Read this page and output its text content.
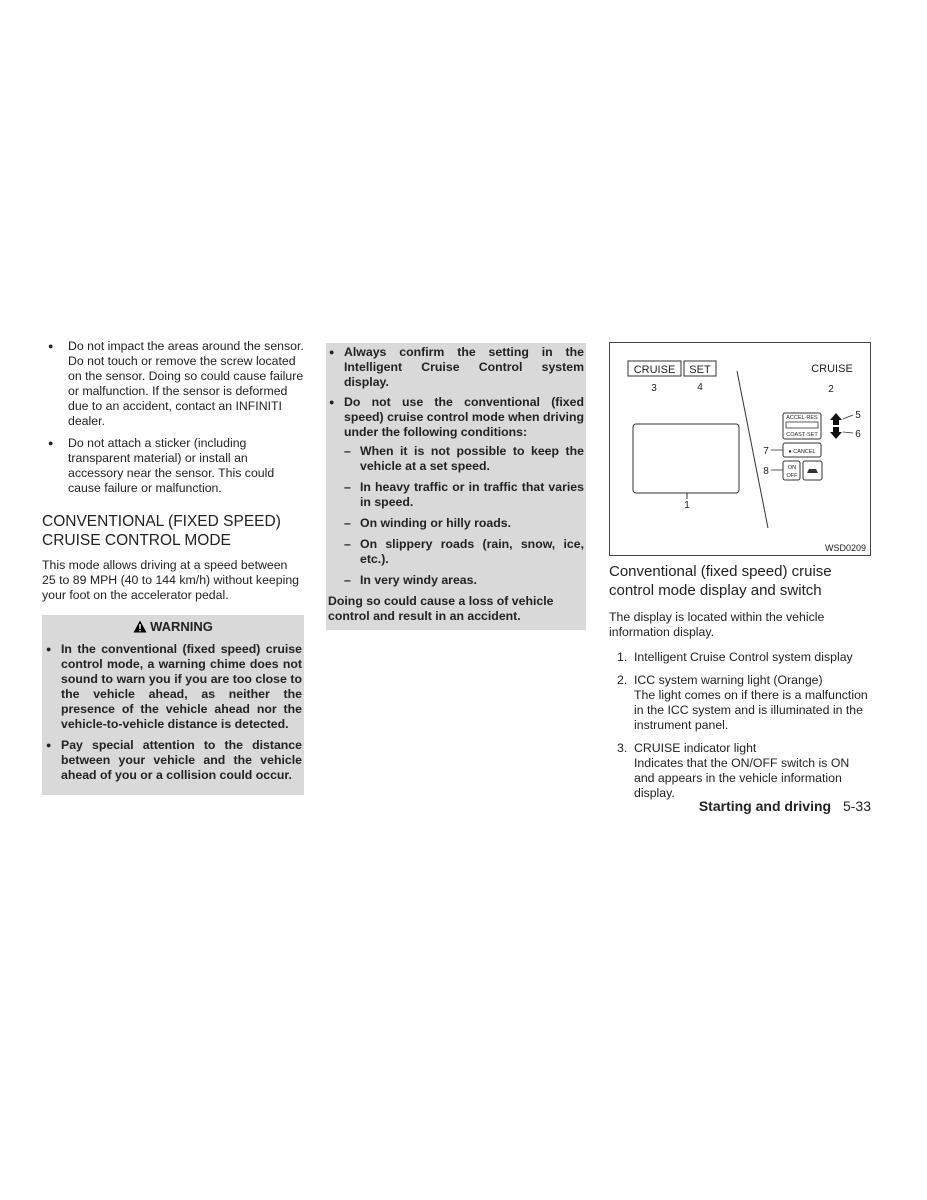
● Do not impact the areas around the sensor. Do not touch or remove the screw located on the sensor. Doing so could cause failure or malfunction. If the sensor is deformed due to an accident, contact an INFINITI dealer.
● Do not attach a sticker (including transparent material) or install an accessory near the sensor. This could cause failure or malfunction.
CONVENTIONAL (FIXED SPEED) CRUISE CONTROL MODE

This mode allows driving at a speed between 25 to 89 MPH (40 to 144 km/h) without keeping your foot on the accelerator pedal.

WARNING
● In the conventional (fixed speed) cruise control mode, a warning chime does not sound to warn you if you are too close to the vehicle ahead, as neither the presence of the vehicle ahead nor the vehicle-to-vehicle distance is detected.
● Pay special attention to the distance between your vehicle and the vehicle ahead of you or a collision could occur.
● Always confirm the setting in the Intelligent Cruise Control system display.
● Do not use the conventional (fixed speed) cruise control mode when driving under the following conditions:
– When it is not possible to keep the vehicle at a set speed.
– In heavy traffic or in traffic that varies in speed.
– On winding or hilly roads.
– On slippery roads (rain, snow, ice, etc.).
– In very windy areas.

Doing so could cause a loss of vehicle control and result in an accident.

CRUISE SET
3	4
CRUISE
2
1
ACCEL·RES
COAST·SET
5
6
● CANCEL
7
ON
OFF
8
WSD0209
Conventional (fixed speed) cruise control mode display and switch

The display is located within the vehicle information display.

1. Intelligent Cruise Control system display
2. ICC system warning light (Orange)
The light comes on if there is a malfunction in the ICC system and is illuminated in the instrument panel.
3. CRUISE indicator light
Indicates that the ON/OFF switch is ON and appears in the vehicle information display.
Starting and driving 5-33
